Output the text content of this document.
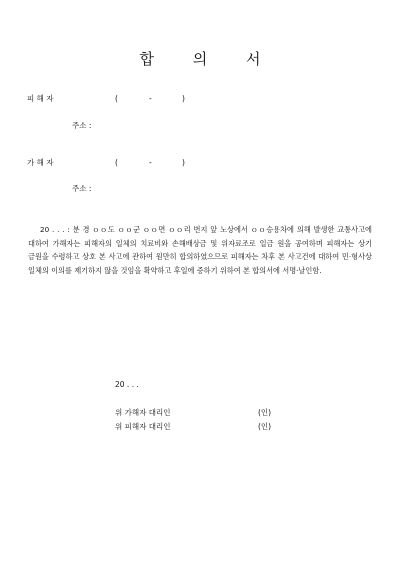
합 의 서
피 해 자	(	-	)
주소 :
가 해 자	(	-	)
주소 :
20 . . . : 분 경 ｏｏ도 ｏｏ군 ｏｏ면 ｏｏ리 번지 앞 노상에서 ｏｏ승용차에 의해 발생한 교통사고에 대하여 가해자는 피해자의 일체의 치료비와 손해배상금 및 위자료조로 일금 원을 공여하며 피해자는 상기 금원을 수령하고 상호 본 사고에 관하여 원만히 합의하였으므로 피해자는 차후 본 사고건에 대하여 민·형사상 일체의 이의를 제기하지 않을 것임을 확약하고 후일에 증하기 위하여 본 합의서에 서명·날인함.
20 . . .
위 가해자 대리인	(인)
위 피해자 대리인	(인)
